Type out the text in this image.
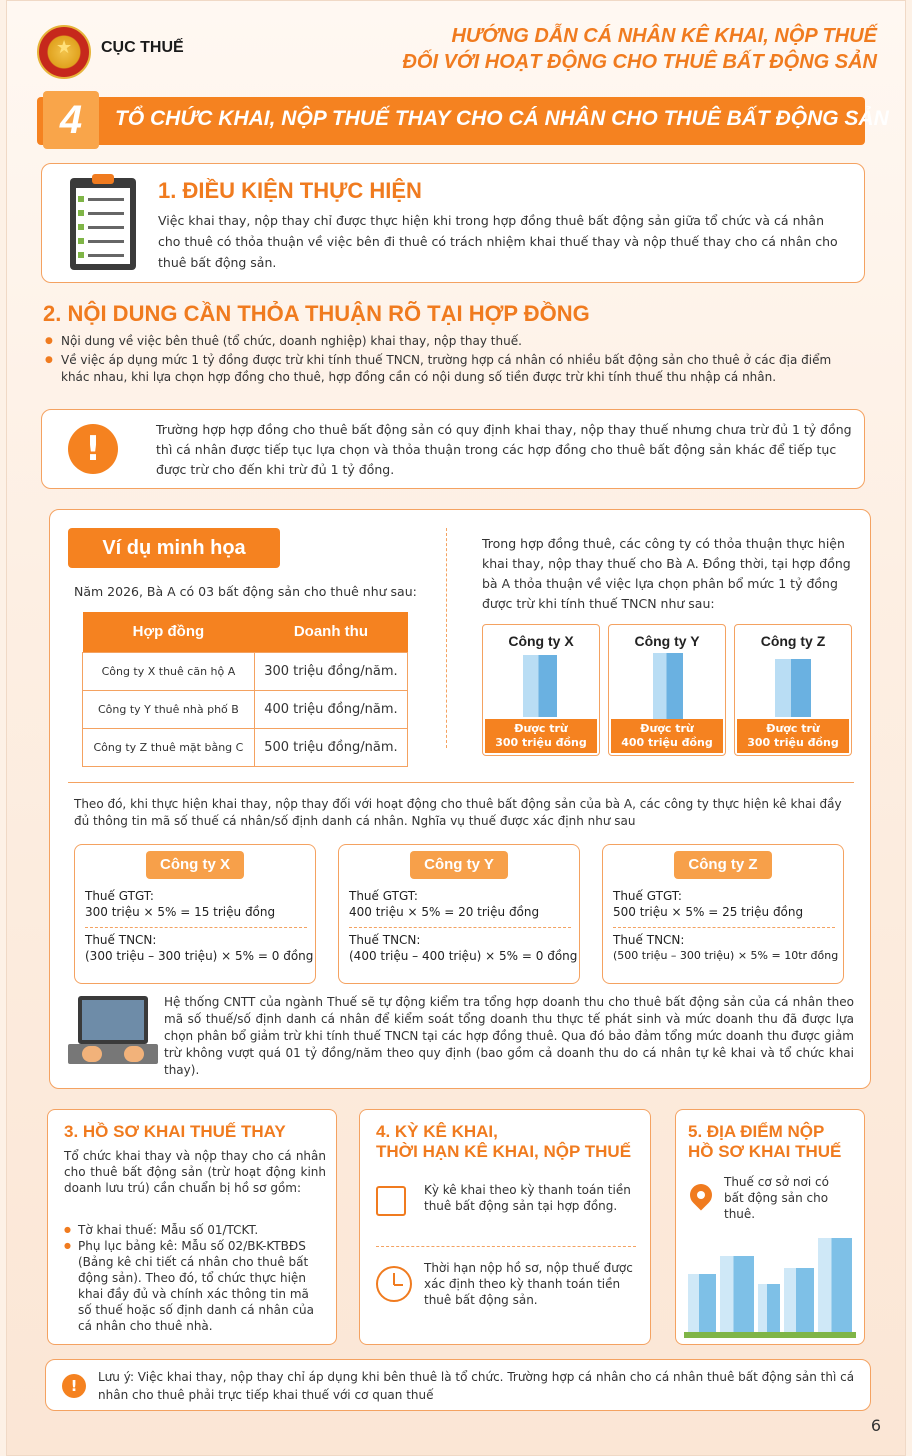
★ CỤC THUẾ
HƯỚNG DẪN CÁ NHÂN KÊ KHAI, NỘP THUẾ
ĐỐI VỚI HOẠT ĐỘNG CHO THUÊ BẤT ĐỘNG SẢN
4	TỔ CHỨC KHAI, NỘP THUẾ THAY CHO CÁ NHÂN CHO THUÊ BẤT ĐỘNG SẢN
1. ĐIỀU KIỆN THỰC HIỆN
Việc khai thay, nộp thay chỉ được thực hiện khi trong hợp đồng thuê bất động sản giữa tổ chức và cá nhân cho thuê có thỏa thuận về việc bên đi thuê có trách nhiệm khai thuế thay và nộp thuế thay cho cá nhân cho thuê bất động sản.
2. NỘI DUNG CẦN THỎA THUẬN RÕ TẠI HỢP ĐỒNG
● Nội dung về việc bên thuê (tổ chức, doanh nghiệp) khai thay, nộp thay thuế.
● Về việc áp dụng mức 1 tỷ đồng được trừ khi tính thuế TNCN, trường hợp cá nhân có nhiều bất động sản cho thuê ở các địa điểm khác nhau, khi lựa chọn hợp đồng cho thuê, hợp đồng cần có nội dung số tiền được trừ khi tính thuế thu nhập cá nhân.
!	Trường hợp hợp đồng cho thuê bất động sản có quy định khai thay, nộp thay thuế nhưng chưa trừ đủ 1 tỷ đồng thì cá nhân được tiếp tục lựa chọn và thỏa thuận trong các hợp đồng cho thuê bất động sản khác để tiếp tục được trừ cho đến khi trừ đủ 1 tỷ đồng.
Ví dụ minh họa
Năm 2026, Bà A có 03 bất động sản cho thuê như sau:
Hợp đồng	Doanh thu
Công ty X thuê căn hộ A	300 triệu đồng/năm.
Công ty Y thuê nhà phố B	400 triệu đồng/năm.
Công ty Z thuê mặt bằng C	500 triệu đồng/năm.
Trong hợp đồng thuê, các công ty có thỏa thuận thực hiện khai thay, nộp thay thuế cho Bà A. Đồng thời, tại hợp đồng bà A thỏa thuận về việc lựa chọn phân bổ mức 1 tỷ đồng được trừ khi tính thuế TNCN như sau:
Công ty X
Được trừ
300 triệu đồng
Công ty Y
Được trừ
400 triệu đồng
Công ty Z
Được trừ
300 triệu đồng
Theo đó, khi thực hiện khai thay, nộp thay đối với hoạt động cho thuê bất động sản của bà A, các công ty thực hiện kê khai đầy đủ thông tin mã số thuế cá nhân/số định danh cá nhân. Nghĩa vụ thuế được xác định như sau
Công ty X
Thuế GTGT:
300 triệu × 5% = 15 triệu đồng
Thuế TNCN:
(300 triệu – 300 triệu) × 5% = 0 đồng
Công ty Y
Thuế GTGT:
400 triệu × 5% = 20 triệu đồng
Thuế TNCN:
(400 triệu – 400 triệu) × 5% = 0 đồng
Công ty Z
Thuế GTGT:
500 triệu × 5% = 25 triệu đồng
Thuế TNCN:
(500 triệu – 300 triệu) × 5% = 10tr đồng
Hệ thống CNTT của ngành Thuế sẽ tự động kiểm tra tổng hợp doanh thu cho thuê bất động sản của cá nhân theo mã số thuế/số định danh cá nhân để kiểm soát tổng doanh thu thực tế phát sinh và mức doanh thu đã được lựa chọn phân bổ giảm trừ khi tính thuế TNCN tại các hợp đồng thuê. Qua đó bảo đảm tổng mức doanh thu được giảm trừ không vượt quá 01 tỷ đồng/năm theo quy định (bao gồm cả doanh thu do cá nhân tự kê khai và tổ chức khai thay).
3. HỒ SƠ KHAI THUẾ THAY
Tổ chức khai thay và nộp thay cho cá nhân cho thuê bất động sản (trừ hoạt động kinh doanh lưu trú) cần chuẩn bị hồ sơ gồm:
● Tờ khai thuế: Mẫu số 01/TCKT.
● Phụ lục bảng kê: Mẫu số 02/BK-KTBĐS (Bảng kê chi tiết cá nhân cho thuê bất động sản). Theo đó, tổ chức thực hiện khai đầy đủ và chính xác thông tin mã số thuế hoặc số định danh cá nhân của cá nhân cho thuê nhà.
4. KỲ KÊ KHAI,
THỜI HẠN KÊ KHAI, NỘP THUẾ
Kỳ kê khai theo kỳ thanh toán tiền thuê bất động sản tại hợp đồng.
Thời hạn nộp hồ sơ, nộp thuế được xác định theo kỳ thanh toán tiền thuê bất động sản.
5. ĐỊA ĐIỂM NỘP
HỒ SƠ KHAI THUẾ
Thuế cơ sở nơi có bất động sản cho thuê.
!	Lưu ý: Việc khai thay, nộp thay chỉ áp dụng khi bên thuê là tổ chức. Trường hợp cá nhân cho cá nhân thuê bất động sản thì cá nhân cho thuê phải trực tiếp khai thuế với cơ quan thuế
6
